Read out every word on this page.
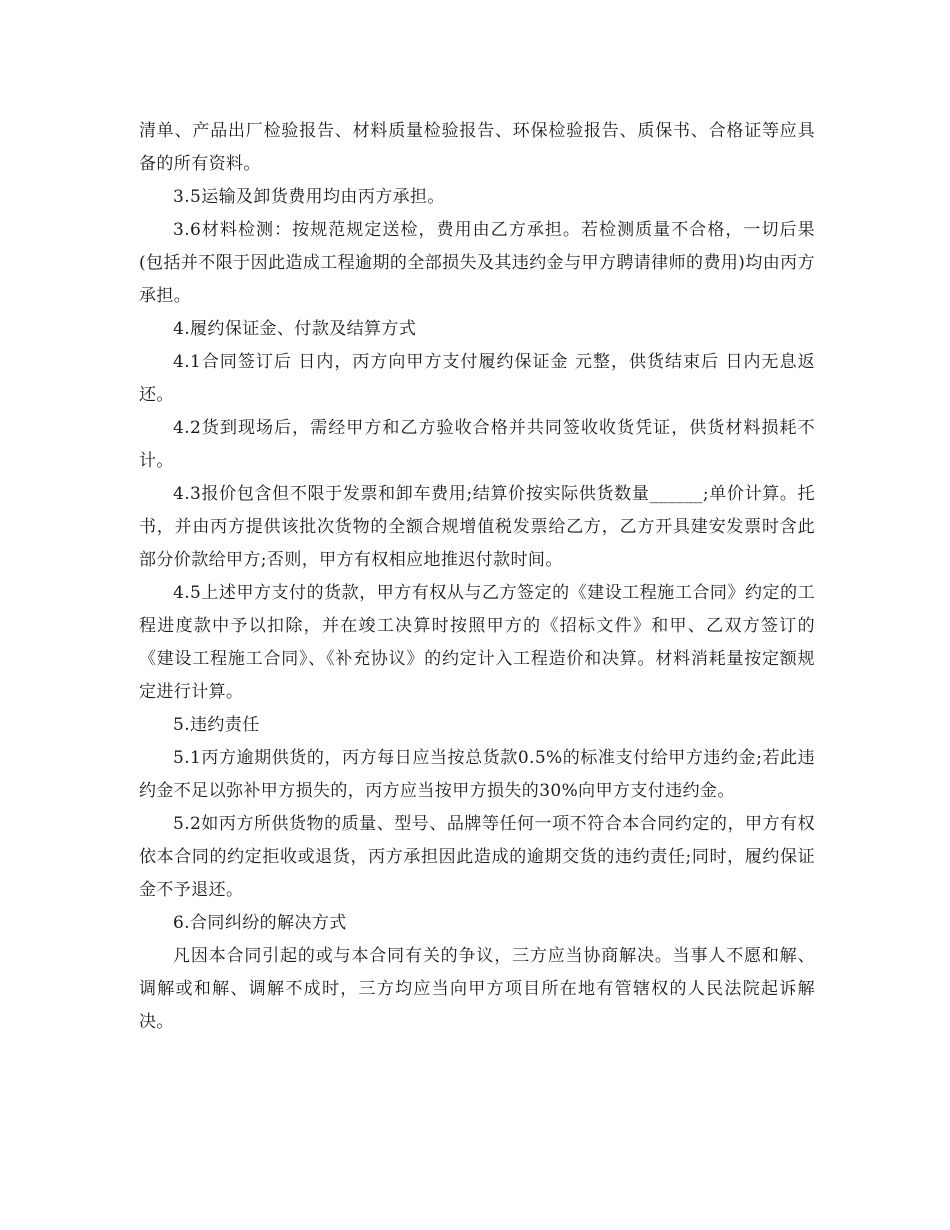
清单、产品出厂检验报告、材料质量检验报告、环保检验报告、质保书、合格证等应具备的所有资料。

3.5运输及卸货费用均由丙方承担。

3.6材料检测：按规范规定送检，费用由乙方承担。若检测质量不合格，一切后果(包括并不限于因此造成工程逾期的全部损失及其违约金与甲方聘请律师的费用)均由丙方承担。

4.履约保证金、付款及结算方式

4.1合同签订后 日内，丙方向甲方支付履约保证金 元整，供货结束后 日内无息返还。

4.2货到现场后，需经甲方和乙方验收合格并共同签收收货凭证，供货材料损耗不计。

4.3报价包含但不限于发票和卸车费用;结算价按实际供货数量______;单价计算。托书，并由丙方提供该批次货物的全额合规增值税发票给乙方，乙方开具建安发票时含此部分价款给甲方;否则，甲方有权相应地推迟付款时间。

4.5上述甲方支付的货款，甲方有权从与乙方签定的《建设工程施工合同》约定的工程进度款中予以扣除，并在竣工决算时按照甲方的《招标文件》和甲、乙双方签订的《建设工程施工合同》、《补充协议》的约定计入工程造价和决算。材料消耗量按定额规定进行计算。

5.违约责任

5.1丙方逾期供货的，丙方每日应当按总货款0.5%的标准支付给甲方违约金;若此违约金不足以弥补甲方损失的，丙方应当按甲方损失的30%向甲方支付违约金。

5.2如丙方所供货物的质量、型号、品牌等任何一项不符合本合同约定的，甲方有权依本合同的约定拒收或退货，丙方承担因此造成的逾期交货的违约责任;同时，履约保证金不予退还。

6.合同纠纷的解决方式

凡因本合同引起的或与本合同有关的争议，三方应当协商解决。当事人不愿和解、调解或和解、调解不成时，三方均应当向甲方项目所在地有管辖权的人民法院起诉解决。
